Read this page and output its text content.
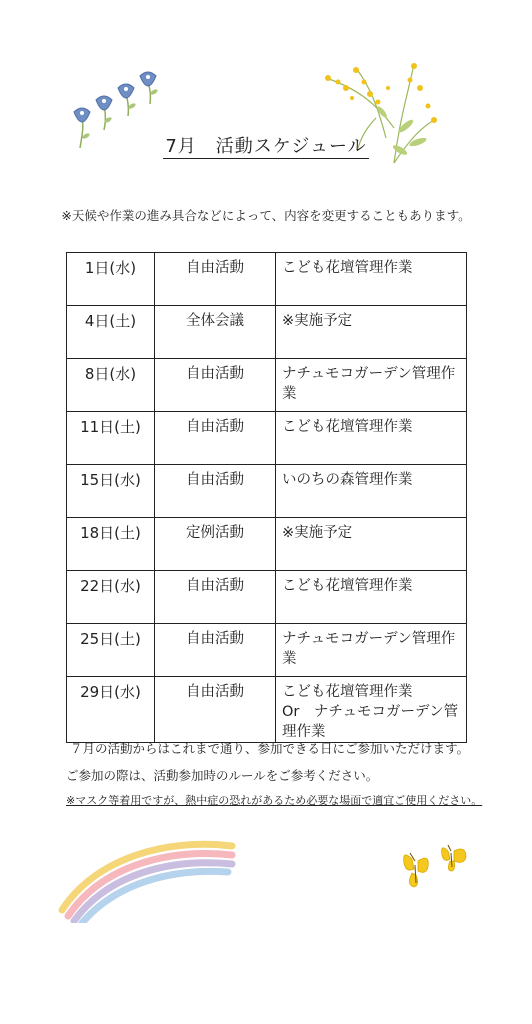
7月　活動スケジュール
※天候や作業の進み具合などによって、内容を変更することもあります。
1日(水)	自由活動	こども花壇管理作業
4日(土)	全体会議	※実施予定
8日(水)	自由活動	ナチュモコガーデン管理作業
11日(土)	自由活動	こども花壇管理作業
15日(水)	自由活動	いのちの森管理作業
18日(土)	定例活動	※実施予定
22日(水)	自由活動	こども花壇管理作業
25日(土)	自由活動	ナチュモコガーデン管理作業
29日(水)	自由活動	こども花壇管理作業
Or　ナチュモコガーデン管理作業
７月の活動からはこれまで通り、参加できる日にご参加いただけます。
ご参加の際は、活動参加時のルールをご参考ください。
※マスク等着用ですが、熱中症の恐れがあるため必要な場面で適宜ご使用ください。
